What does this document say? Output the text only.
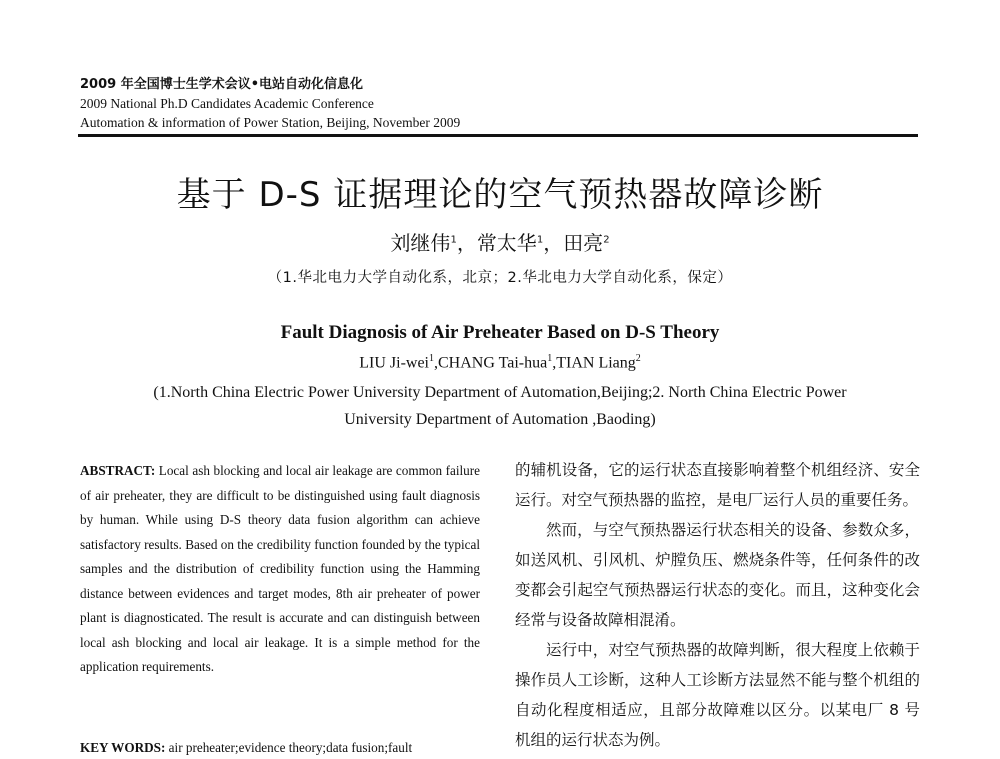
2009 年全国博士生学术会议•电站自动化信息化
2009 National Ph.D Candidates Academic Conference
Automation & information of Power Station, Beijing, November 2009
基于 D-S 证据理论的空气预热器故障诊断
刘继伟$^1$，常太华$^1$，田亮$^2$
（1.华北电力大学自动化系，北京；2.华北电力大学自动化系，保定）
Fault Diagnosis of Air Preheater Based on D-S Theory
LIU Ji-wei$^1$,CHANG Tai-hua$^1$,TIAN Liang$^2$
(1.North China Electric Power University Department of Automation,Beijing;2. North China Electric Power
University Department of Automation ,Baoding)
ABSTRACT: Local ash blocking and local air leakage are common failure of air preheater, they are difficult to be distinguished using fault diagnosis by human. While using D-S theory data fusion algorithm can achieve satisfactory results. Based on the credibility function founded by the typical samples and the distribution of credibility function using the Hamming distance between evidences and target modes, 8th air preheater of power plant is diagnosticated. The result is accurate and can distinguish between local ash blocking and local air leakage. It is a simple method for the application requirements.
KEY WORDS: air preheater;evidence theory;data fusion;fault

的辅机设备，它的运行状态直接影响着整个机组经济、安全运行。对空气预热器的监控，是电厂运行人员的重要任务。

然而，与空气预热器运行状态相关的设备、参数众多，如送风机、引风机、炉膛负压、燃烧条件等，任何条件的改变都会引起空气预热器运行状态的变化。而且，这种变化会经常与设备故障相混淆。

运行中，对空气预热器的故障判断，很大程度上依赖于操作员人工诊断，这种人工诊断方法显然不能与整个机组的自动化程度相适应，且部分故障难以区分。以某电厂 8 号机组的运行状态为例。
